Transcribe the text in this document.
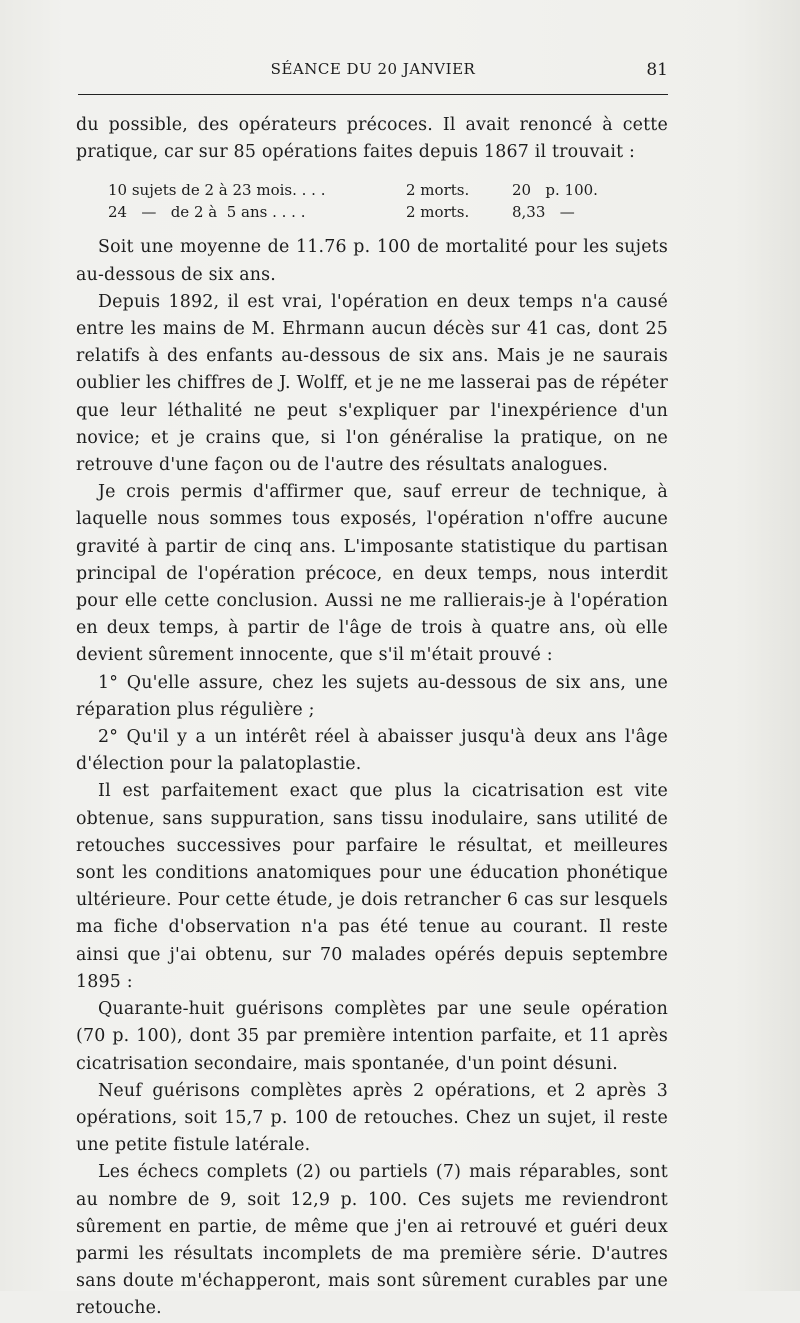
SÉANCE DU 20 JANVIER	81

du possible, des opérateurs précoces. Il avait renoncé à cette pratique, car sur 85 opérations faites depuis 1867 il trouvait :

10 sujets de 2 à 23 mois. . . .	2 morts.	20   p. 100.
24   —   de 2 à  5 ans . . . .	2 morts.	8,33   —

Soit une moyenne de 11.76 p. 100 de mortalité pour les sujets au-dessous de six ans.

Depuis 1892, il est vrai, l'opération en deux temps n'a causé entre les mains de M. Ehrmann aucun décès sur 41 cas, dont 25 relatifs à des enfants au-dessous de six ans. Mais je ne saurais oublier les chiffres de J. Wolff, et je ne me lasserai pas de répéter que leur léthalité ne peut s'expliquer par l'inexpérience d'un novice; et je crains que, si l'on généralise la pratique, on ne retrouve d'une façon ou de l'autre des résultats analogues.

Je crois permis d'affirmer que, sauf erreur de technique, à laquelle nous sommes tous exposés, l'opération n'offre aucune gravité à partir de cinq ans. L'imposante statistique du partisan principal de l'opération précoce, en deux temps, nous interdit pour elle cette conclusion. Aussi ne me rallierais-je à l'opération en deux temps, à partir de l'âge de trois à quatre ans, où elle devient sûrement innocente, que s'il m'était prouvé :

1° Qu'elle assure, chez les sujets au-dessous de six ans, une réparation plus régulière ;

2° Qu'il y a un intérêt réel à abaisser jusqu'à deux ans l'âge d'élection pour la palatoplastie.

Il est parfaitement exact que plus la cicatrisation est vite obtenue, sans suppuration, sans tissu inodulaire, sans utilité de retouches successives pour parfaire le résultat, et meilleures sont les conditions anatomiques pour une éducation phonétique ultérieure. Pour cette étude, je dois retrancher 6 cas sur lesquels ma fiche d'observation n'a pas été tenue au courant. Il reste ainsi que j'ai obtenu, sur 70 malades opérés depuis septembre 1895 :

Quarante-huit guérisons complètes par une seule opération (70 p. 100), dont 35 par première intention parfaite, et 11 après cicatrisation secondaire, mais spontanée, d'un point désuni.

Neuf guérisons complètes après 2 opérations, et 2 après 3 opérations, soit 15,7 p. 100 de retouches. Chez un sujet, il reste une petite fistule latérale.

Les échecs complets (2) ou partiels (7) mais réparables, sont au nombre de 9, soit 12,9 p. 100. Ces sujets me reviendront sûrement en partie, de même que j'en ai retrouvé et guéri deux parmi les résultats incomplets de ma première série. D'autres sans doute m'échapperont, mais sont sûrement curables par une retouche.
